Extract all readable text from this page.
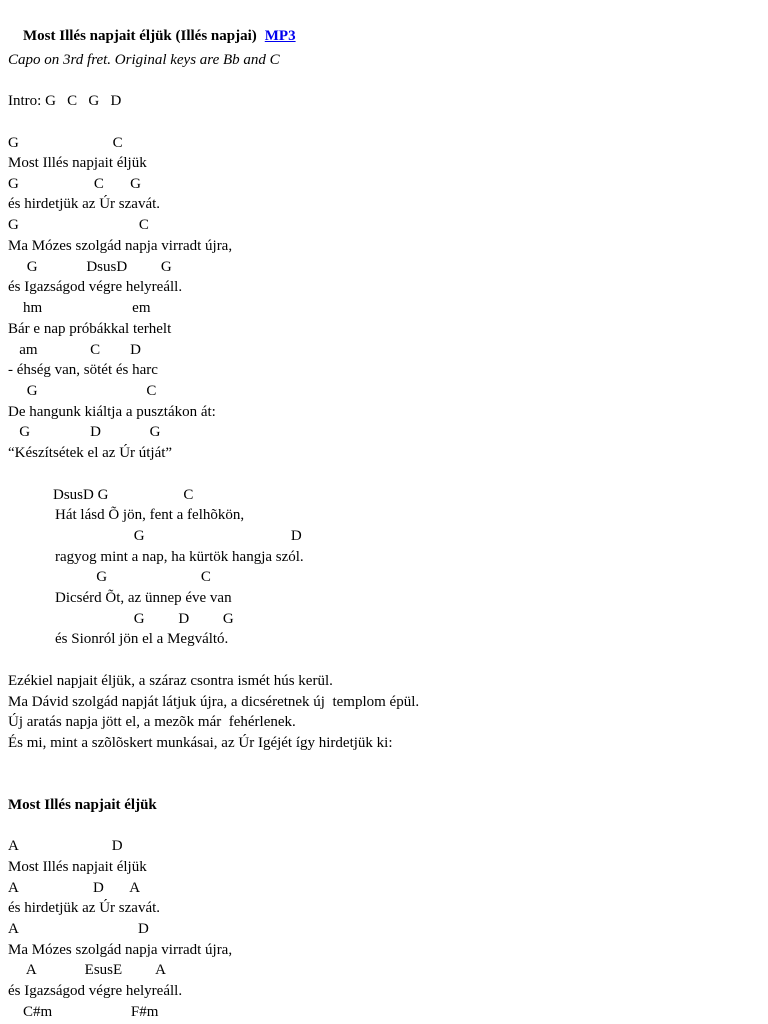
Most Illés napjait éljük (Illés napjai) MP3

Capo on 3rd fret. Original keys are Bb and C
Intro: G   C   G   D
G                         C
Most Illés napjait éljük
G                    C       G
és hirdetjük az Úr szavát.
G                                C
Ma Mózes szolgád napja virradt újra,
G             DsusD         G
és Igazságod végre helyreáll.
hm                        em
Bár e nap próbákkal terhelt
am              C        D
- éhség van, sötét és harc
G                             C
De hangunk kiáltja a pusztákon át:
G                D             G
“Készítsétek el az Úr útját”
DsusD G                    C
Hát lásd Õ jön, fent a felhõkön,
G                                       D
ragyog mint a nap, ha kürtök hangja szól.
G                         C
Dicsérd Õt, az ünnep éve van
G         D         G
és Sionról jön el a Megváltó.
Ezékiel napjait éljük, a száraz csontra ismét hús kerül.
Ma Dávid szolgád napját látjuk újra, a dicséretnek új  templom épül.
Új aratás napja jött el, a mezõk már  fehérlenek.
És mi, mint a szõlõskert munkásai, az Úr Igéjét így hirdetjük ki:
Most Illés napjait éljük
A                         D
Most Illés napjait éljük
A                    D       A
és hirdetjük az Úr szavát.
A                                D
Ma Mózes szolgád napja virradt újra,
A             EsusE         A
és Igazságod végre helyreáll.
C#m                     F#m
